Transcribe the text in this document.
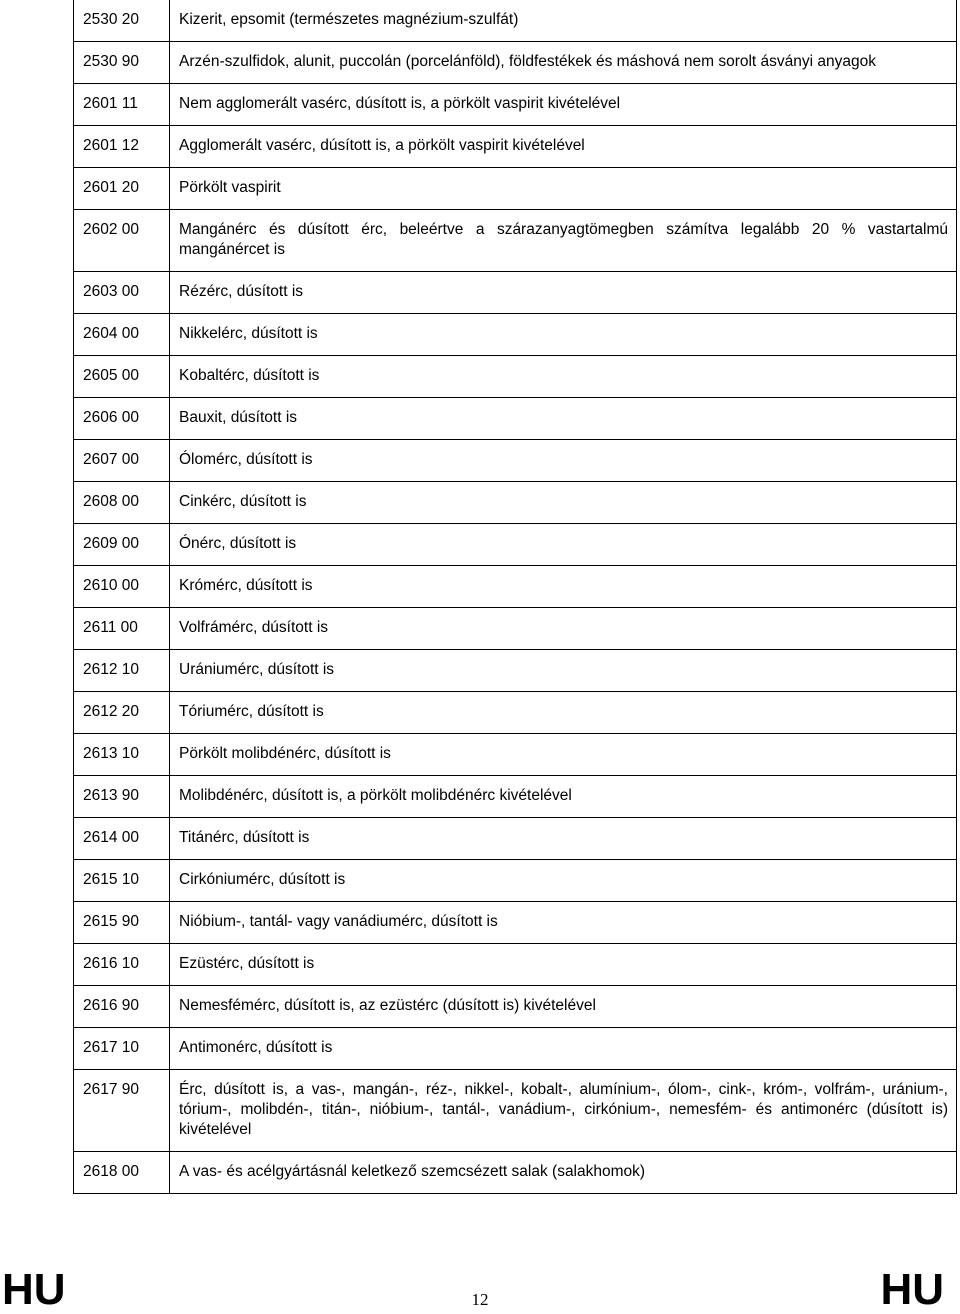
2530 20	Kizerit, epsomit (természetes magnézium-szulfát)
2530 90	Arzén-szulfidok, alunit, puccolán (porcelánföld), földfestékek és máshová nem sorolt ásványi anyagok
2601 11	Nem agglomerált vasérc, dúsított is, a pörkölt vaspirit kivételével
2601 12	Agglomerált vasérc, dúsított is, a pörkölt vaspirit kivételével
2601 20	Pörkölt vaspirit
2602 00	Mangánérc és dúsított érc, beleértve a szárazanyagtömegben számítva legalább 20 % vastartalmú mangánércet is
2603 00	Rézérc, dúsított is
2604 00	Nikkelérc, dúsított is
2605 00	Kobaltérc, dúsított is
2606 00	Bauxit, dúsított is
2607 00	Ólomérc, dúsított is
2608 00	Cinkérc, dúsított is
2609 00	Ónérc, dúsított is
2610 00	Krómérc, dúsított is
2611 00	Volfrámérc, dúsított is
2612 10	Urániumérc, dúsított is
2612 20	Tóriumérc, dúsított is
2613 10	Pörkölt molibdénérc, dúsított is
2613 90	Molibdénérc, dúsított is, a pörkölt molibdénérc kivételével
2614 00	Titánérc, dúsított is
2615 10	Cirkóniumérc, dúsított is
2615 90	Nióbium-, tantál- vagy vanádiumérc, dúsított is
2616 10	Ezüstérc, dúsított is
2616 90	Nemesfémérc, dúsított is, az ezüstérc (dúsított is) kivételével
2617 10	Antimonérc, dúsított is
2617 90	Érc, dúsított is, a vas-, mangán-, réz-, nikkel-, kobalt-, alumínium-, ólom-, cink-, króm-, volfrám-, uránium-, tórium-, molibdén-, titán-, nióbium-, tantál-, vanádium-, cirkónium-, nemesfém- és antimonérc (dúsított is) kivételével
2618 00	A vas- és acélgyártásnál keletkező szemcsézett salak (salakhomok)
HU	12	HU
